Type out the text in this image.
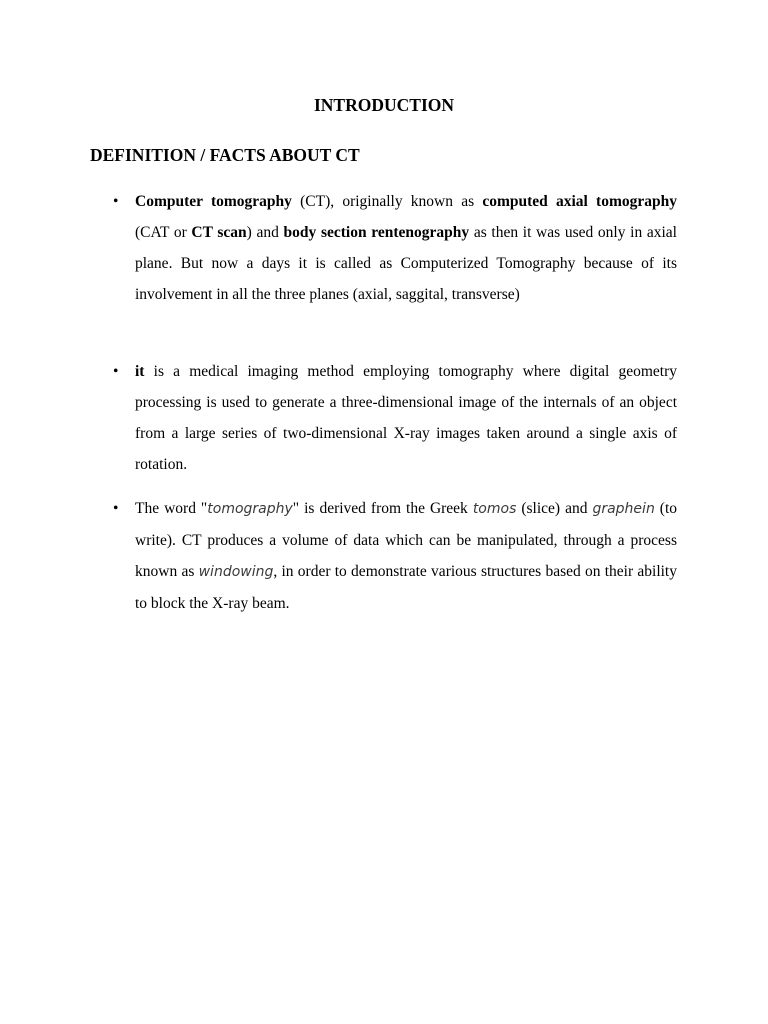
INTRODUCTION
DEFINITION / FACTS ABOUT CT
• Computer tomography (CT), originally known as computed axial tomography (CAT or CT scan) and body section rentenography as then it was used only in axial plane. But now a days it is called as Computerized Tomography because of its involvement in all the three planes (axial, saggital, transverse)

• it is a medical imaging method employing tomography where digital geometry processing is used to generate a three-dimensional image of the internals of an object from a large series of two-dimensional X-ray images taken around a single axis of rotation.

• The word "tomography" is derived from the Greek tomos (slice) and graphein (to write). CT produces a volume of data which can be manipulated, through a process known as windowing, in order to demonstrate various structures based on their ability to block the X-ray beam.
